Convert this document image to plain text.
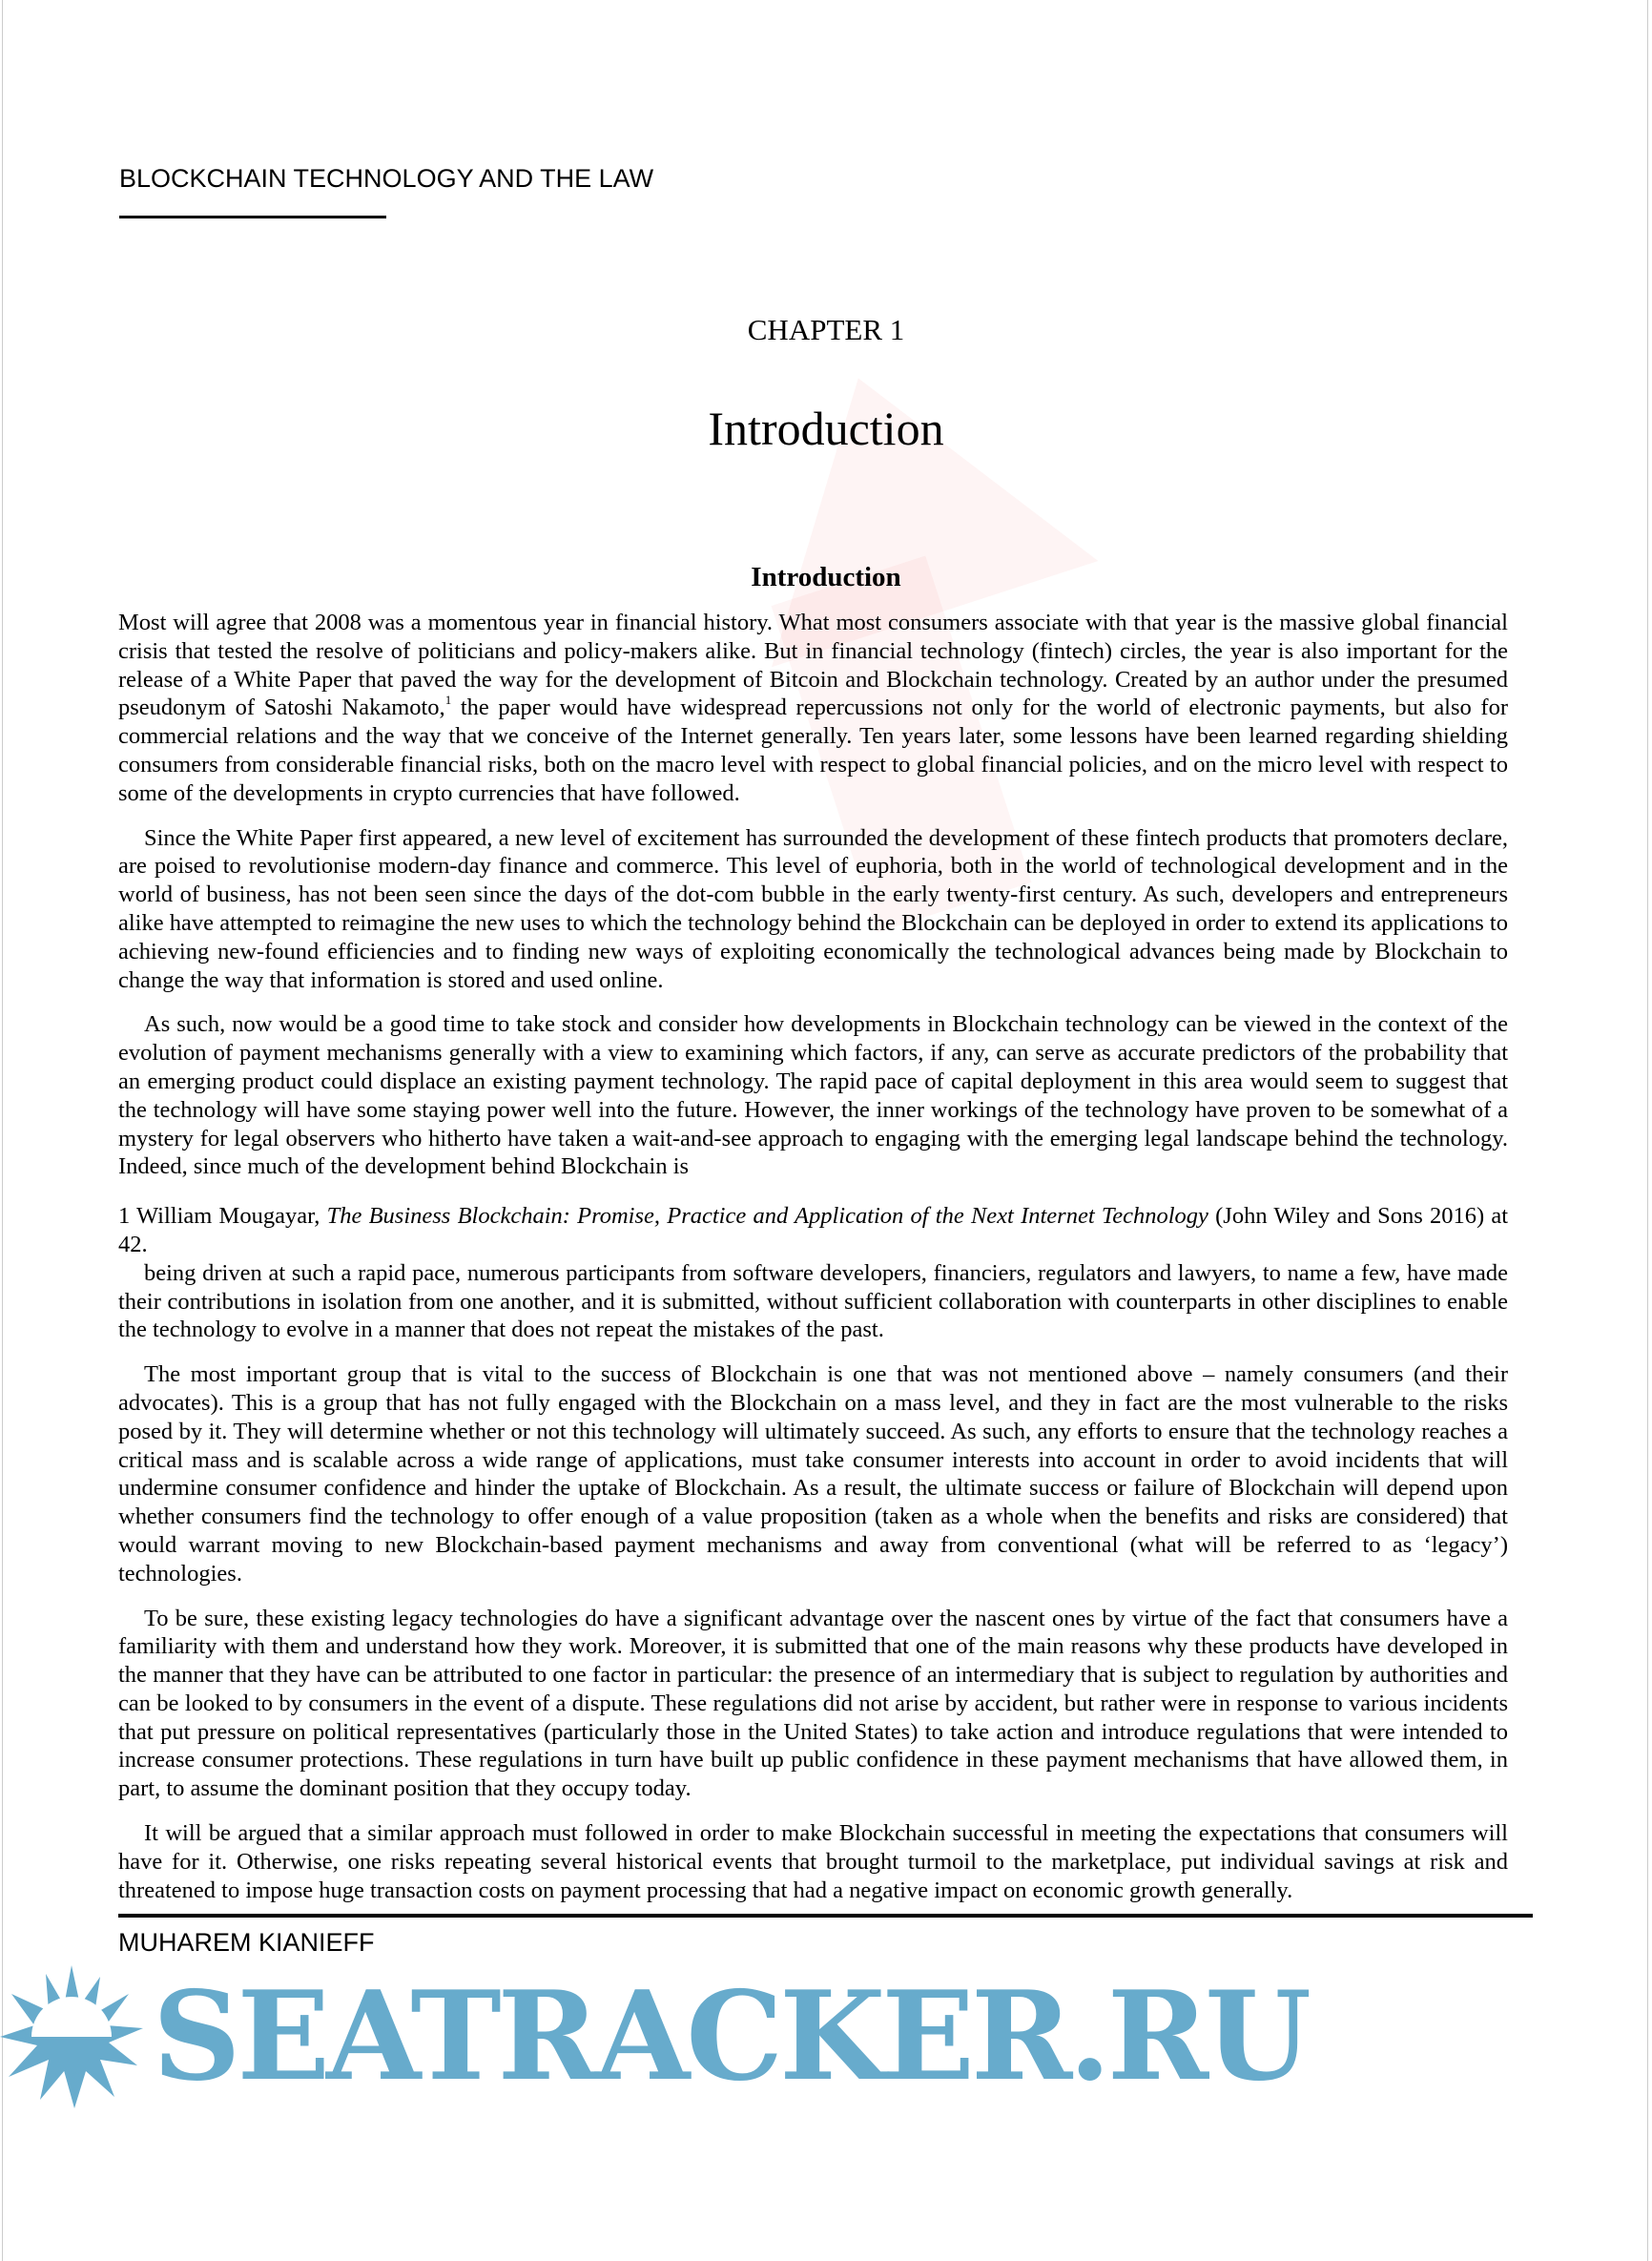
BLOCKCHAIN TECHNOLOGY AND THE LAW
CHAPTER 1
Introduction
Introduction

Most will agree that 2008 was a momentous year in financial history. What most consumers associate with that year is the massive global financial crisis that tested the resolve of politicians and policy-makers alike. But in financial technology (fintech) circles, the year is also important for the release of a White Paper that paved the way for the development of Bitcoin and Blockchain technology. Created by an author under the presumed pseudonym of Satoshi Nakamoto,$^1$ the paper would have widespread repercussions not only for the world of electronic payments, but also for commercial relations and the way that we conceive of the Internet generally. Ten years later, some lessons have been learned regarding shielding consumers from considerable financial risks, both on the macro level with respect to global financial policies, and on the micro level with respect to some of the developments in crypto currencies that have followed.

Since the White Paper first appeared, a new level of excitement has surrounded the development of these fintech products that promoters declare, are poised to revolutionise modern-day finance and commerce. This level of euphoria, both in the world of technological development and in the world of business, has not been seen since the days of the dot-com bubble in the early twenty-first century. As such, developers and entrepreneurs alike have attempted to reimagine the new uses to which the technology behind the Blockchain can be deployed in order to extend its applications to achieving new-found efficiencies and to finding new ways of exploiting economically the technological advances being made by Blockchain to change the way that information is stored and used online.

As such, now would be a good time to take stock and consider how developments in Blockchain technology can be viewed in the context of the evolution of payment mechanisms generally with a view to examining which factors, if any, can serve as accurate predictors of the probability that an emerging product could displace an existing payment technology. The rapid pace of capital deployment in this area would seem to suggest that the technology will have some staying power well into the future. However, the inner workings of the technology have proven to be somewhat of a mystery for legal observers who hitherto have taken a wait-and-see approach to engaging with the emerging legal landscape behind the technology. Indeed, since much of the development behind Blockchain is

1 William Mougayar, The Business Blockchain: Promise, Practice and Application of the Next Internet Technology (John Wiley and Sons 2016) at 42.

being driven at such a rapid pace, numerous participants from software developers, financiers, regulators and lawyers, to name a few, have made their contributions in isolation from one another, and it is submitted, without sufficient collaboration with counterparts in other disciplines to enable the technology to evolve in a manner that does not repeat the mistakes of the past.

The most important group that is vital to the success of Blockchain is one that was not mentioned above – namely consumers (and their advocates). This is a group that has not fully engaged with the Blockchain on a mass level, and they in fact are the most vulnerable to the risks posed by it. They will determine whether or not this technology will ultimately succeed. As such, any efforts to ensure that the technology reaches a critical mass and is scalable across a wide range of applications, must take consumer interests into account in order to avoid incidents that will undermine consumer confidence and hinder the uptake of Blockchain. As a result, the ultimate success or failure of Blockchain will depend upon whether consumers find the technology to offer enough of a value proposition (taken as a whole when the benefits and risks are considered) that would warrant moving to new Blockchain-based payment mechanisms and away from conventional (what will be referred to as ‘legacy’) technologies.

To be sure, these existing legacy technologies do have a significant advantage over the nascent ones by virtue of the fact that consumers have a familiarity with them and understand how they work. Moreover, it is submitted that one of the main reasons why these products have developed in the manner that they have can be attributed to one factor in particular: the presence of an intermediary that is subject to regulation by authorities and can be looked to by consumers in the event of a dispute. These regulations did not arise by accident, but rather were in response to various incidents that put pressure on political representatives (particularly those in the United States) to take action and introduce regulations that were intended to increase consumer protections. These regulations in turn have built up public confidence in these payment mechanisms that have allowed them, in part, to assume the dominant position that they occupy today.

It will be argued that a similar approach must followed in order to make Blockchain successful in meeting the expectations that consumers will have for it. Otherwise, one risks repeating several historical events that brought turmoil to the marketplace, put individual savings at risk and threatened to impose huge transaction costs on payment processing that had a negative impact on economic growth generally.

MUHAREM KIANIEFF
SEATRACKER.RU
